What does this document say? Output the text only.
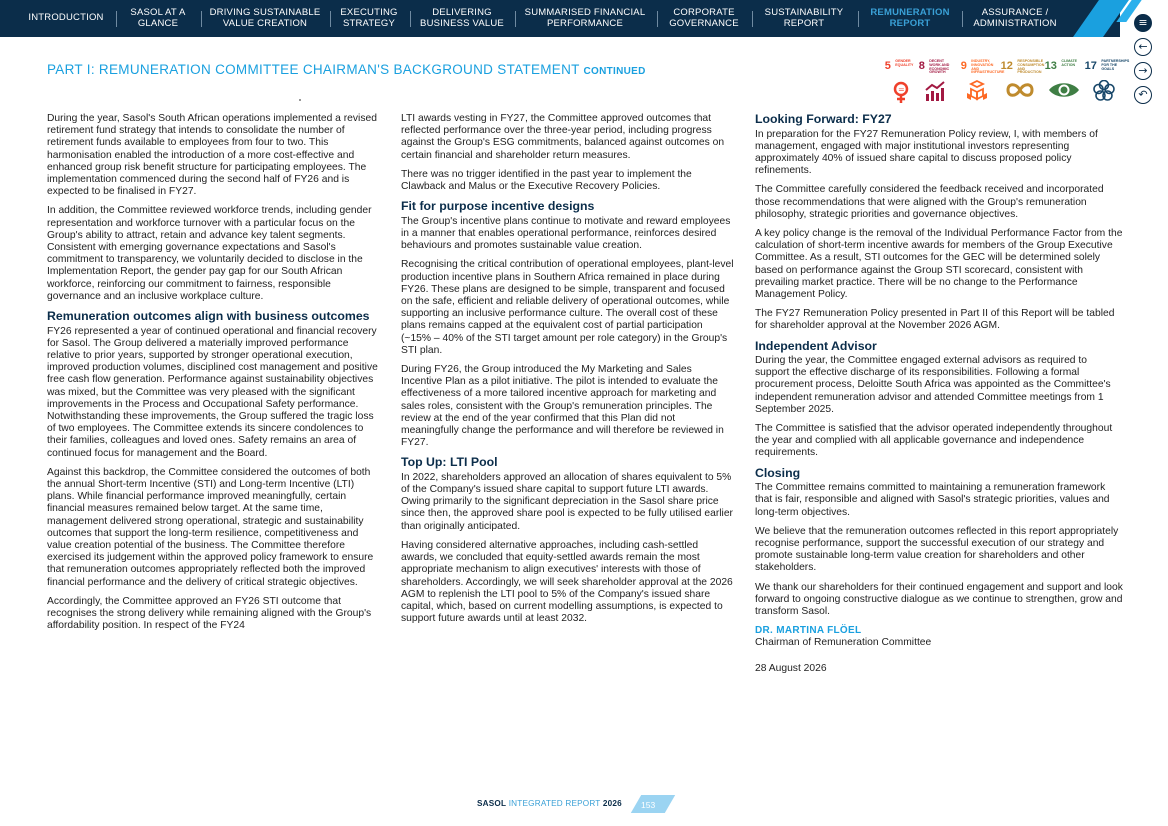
INTRODUCTION	SASOL AT A
GLANCE
DRIVING SUSTAINABLE
VALUE CREATION
EXECUTING
STRATEGY
DELIVERING
BUSINESS VALUE
SUMMARISED FINANCIAL
PERFORMANCE
CORPORATE
GOVERNANCE
SUSTAINABILITY
REPORT
REMUNERATION
REPORT
ASSURANCE /
ADMINISTRATION	≡
←
→
↶
PART I: REMUNERATION COMMITTEE CHAIRMAN'S BACKGROUND STATEMENT CONTINUED	$^5$ GENDER EQUALITY
=
$^8$ DECENT WORK AND ECONOMIC GROWTH
$^9$ INDUSTRY, INNOVATION AND INFRASTRUCTURE
$^{12}$ RESPONSIBLE CONSUMPTION AND PRODUCTION
$^{13}$ CLIMATE ACTION $^{17}$ PARTNERSHIPS FOR THE GOALS

During the year, Sasol's South African operations implemented a revised retirement fund strategy that intends to consolidate the number of retirement funds available to employees from four to two. This harmonisation enabled the introduction of a more cost-effective and enhanced group risk benefit structure for participating employees. The implementation commenced during the second half of FY26 and is expected to be finalised in FY27.

In addition, the Committee reviewed workforce trends, including gender representation and workforce turnover with a particular focus on the Group's ability to attract, retain and advance key talent segments. Consistent with emerging governance expectations and Sasol's commitment to transparency, we voluntarily decided to disclose in the Implementation Report, the gender pay gap for our South African workforce, reinforcing our commitment to fairness, responsible governance and an inclusive workplace culture.

Remuneration outcomes align with business outcomes

FY26 represented a year of continued operational and financial recovery for Sasol. The Group delivered a materially improved performance relative to prior years, supported by stronger operational execution, improved production volumes, disciplined cost management and positive free cash flow generation. Performance against sustainability objectives was mixed, but the Committee was very pleased with the significant improvements in the Process and Occupational Safety performance. Notwithstanding these improvements, the Group suffered the tragic loss of two employees. The Committee extends its sincere condolences to their families, colleagues and loved ones. Safety remains an area of continued focus for management and the Board.

Against this backdrop, the Committee considered the outcomes of both the annual Short-term Incentive (STI) and Long-term Incentive (LTI) plans. While financial performance improved meaningfully, certain financial measures remained below target. At the same time, management delivered strong operational, strategic and sustainability outcomes that support the long-term resilience, competitiveness and value creation potential of the business. The Committee therefore exercised its judgement within the approved policy framework to ensure that remuneration outcomes appropriately reflected both the improved financial performance and the delivery of critical strategic objectives.

Accordingly, the Committee approved an FY26 STI outcome that recognises the strong delivery while remaining aligned with the Group's affordability position. In respect of the FY24

LTI awards vesting in FY27, the Committee approved outcomes that reflected performance over the three-year period, including progress against the Group's ESG commitments, balanced against outcomes on certain financial and shareholder return measures.

There was no trigger identified in the past year to implement the Clawback and Malus or the Executive Recovery Policies.

Fit for purpose incentive designs

The Group's incentive plans continue to motivate and reward employees in a manner that enables operational performance, reinforces desired behaviours and promotes sustainable value creation.

Recognising the critical contribution of operational employees, plant-level production incentive plans in Southern Africa remained in place during FY26. These plans are designed to be simple, transparent and focused on the safe, efficient and reliable delivery of operational outcomes, while supporting an inclusive performance culture. The overall cost of these plans remains capped at the equivalent cost of partial participation (~15% – 40% of the STI target amount per role category) in the Group's STI plan.

During FY26, the Group introduced the My Marketing and Sales Incentive Plan as a pilot initiative. The pilot is intended to evaluate the effectiveness of a more tailored incentive approach for marketing and sales roles, consistent with the Group's remuneration principles. The review at the end of the year confirmed that this Plan did not meaningfully change the performance and will therefore be reviewed in FY27.

Top Up: LTI Pool

In 2022, shareholders approved an allocation of shares equivalent to 5% of the Company's issued share capital to support future LTI awards. Owing primarily to the significant depreciation in the Sasol share price since then, the approved share pool is expected to be fully utilised earlier than originally anticipated.

Having considered alternative approaches, including cash-settled awards, we concluded that equity-settled awards remain the most appropriate mechanism to align executives' interests with those of shareholders. Accordingly, we will seek shareholder approval at the 2026 AGM to replenish the LTI pool to 5% of the Company's issued share capital, which, based on current modelling assumptions, is expected to support future awards until at least 2032.

Looking Forward: FY27

In preparation for the FY27 Remuneration Policy review, I, with members of management, engaged with major institutional investors representing approximately 40% of issued share capital to discuss proposed policy refinements.

The Committee carefully considered the feedback received and incorporated those recommendations that were aligned with the Group's remuneration philosophy, strategic priorities and governance objectives.

A key policy change is the removal of the Individual Performance Factor from the calculation of short-term incentive awards for members of the Group Executive Committee. As a result, STI outcomes for the GEC will be determined solely based on performance against the Group STI scorecard, consistent with prevailing market practice. There will be no change to the Performance Management Policy.

The FY27 Remuneration Policy presented in Part II of this Report will be tabled for shareholder approval at the November 2026 AGM.

Independent Advisor

During the year, the Committee engaged external advisors as required to support the effective discharge of its responsibilities. Following a formal procurement process, Deloitte South Africa was appointed as the Committee's independent remuneration advisor and attended Committee meetings from 1 September 2025.

The Committee is satisfied that the advisor operated independently throughout the year and complied with all applicable governance and independence requirements.

Closing

The Committee remains committed to maintaining a remuneration framework that is fair, responsible and aligned with Sasol's strategic priorities, values and long-term objectives.

We believe that the remuneration outcomes reflected in this report appropriately recognise performance, support the successful execution of our strategy and promote sustainable long-term value creation for shareholders and other stakeholders.

We thank our shareholders for their continued engagement and support and look forward to ongoing constructive dialogue as we continue to strengthen, grow and transform Sasol.

DR. MARTINA FLÖEL
Chairman of Remuneration Committee
28 August 2026
SASOL INTEGRATED REPORT 2026 153
